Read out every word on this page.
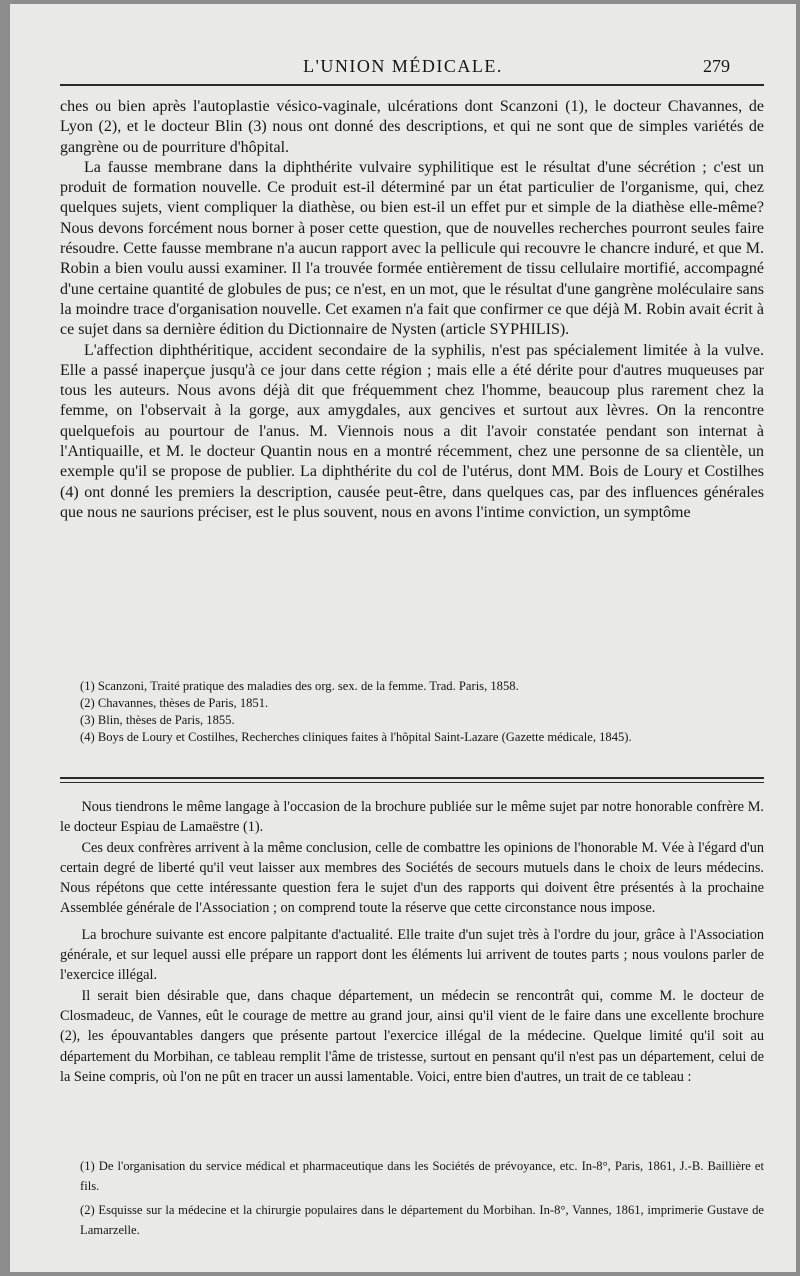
L'UNION MÉDICALE.	279

ches ou bien après l'autoplastie vésico-vaginale, ulcérations dont Scanzoni (1), le docteur Chavannes, de Lyon (2), et le docteur Blin (3) nous ont donné des descriptions, et qui ne sont que de simples variétés de gangrène ou de pourriture d'hôpital.

La fausse membrane dans la diphthérite vulvaire syphilitique est le résultat d'une sécrétion ; c'est un produit de formation nouvelle. Ce produit est-il déterminé par un état particulier de l'organisme, qui, chez quelques sujets, vient compliquer la diathèse, ou bien est-il un effet pur et simple de la diathèse elle-même? Nous devons forcément nous borner à poser cette question, que de nouvelles recherches pourront seules faire résoudre. Cette fausse membrane n'a aucun rapport avec la pellicule qui recouvre le chancre induré, et que M. Robin a bien voulu aussi examiner. Il l'a trouvée formée entièrement de tissu cellulaire mortifié, accompagné d'une certaine quantité de globules de pus; ce n'est, en un mot, que le résultat d'une gangrène moléculaire sans la moindre trace d'organisation nouvelle. Cet examen n'a fait que confirmer ce que déjà M. Robin avait écrit à ce sujet dans sa dernière édition du Dictionnaire de Nysten (article SYPHILIS).

L'affection diphthéritique, accident secondaire de la syphilis, n'est pas spécialement limitée à la vulve. Elle a passé inaperçue jusqu'à ce jour dans cette région ; mais elle a été dérite pour d'autres muqueuses par tous les auteurs. Nous avons déjà dit que fréquemment chez l'homme, beaucoup plus rarement chez la femme, on l'observait à la gorge, aux amygdales, aux gencives et surtout aux lèvres. On la rencontre quelquefois au pourtour de l'anus. M. Viennois nous a dit l'avoir constatée pendant son internat à l'Antiquaille, et M. le docteur Quantin nous en a montré récemment, chez une personne de sa clientèle, un exemple qu'il se propose de publier. La diphthérite du col de l'utérus, dont MM. Bois de Loury et Costilhes (4) ont donné les premiers la description, causée peut-être, dans quelques cas, par des influences générales que nous ne saurions préciser, est le plus souvent, nous en avons l'intime conviction, un symptôme

(1) Scanzoni, Traité pratique des maladies des org. sex. de la femme. Trad. Paris, 1858.

(2) Chavannes, thèses de Paris, 1851.

(3) Blin, thèses de Paris, 1855.

(4) Boys de Loury et Costilhes, Recherches cliniques faites à l'hôpital Saint-Lazare (Gazette médicale, 1845).

Nous tiendrons le même langage à l'occasion de la brochure publiée sur le même sujet par notre honorable confrère M. le docteur Espiau de Lamaëstre (1).

Ces deux confrères arrivent à la même conclusion, celle de combattre les opinions de l'honorable M. Vée à l'égard d'un certain degré de liberté qu'il veut laisser aux membres des Sociétés de secours mutuels dans le choix de leurs médecins. Nous répétons que cette intéressante question fera le sujet d'un des rapports qui doivent être présentés à la prochaine Assemblée générale de l'Association ; on comprend toute la réserve que cette circonstance nous impose.

La brochure suivante est encore palpitante d'actualité. Elle traite d'un sujet très à l'ordre du jour, grâce à l'Association générale, et sur lequel aussi elle prépare un rapport dont les éléments lui arrivent de toutes parts ; nous voulons parler de l'exercice illégal.

Il serait bien désirable que, dans chaque département, un médecin se rencontrât qui, comme M. le docteur de Closmadeuc, de Vannes, eût le courage de mettre au grand jour, ainsi qu'il vient de le faire dans une excellente brochure (2), les épouvantables dangers que présente partout l'exercice illégal de la médecine. Quelque limité qu'il soit au département du Morbihan, ce tableau remplit l'âme de tristesse, surtout en pensant qu'il n'est pas un département, celui de la Seine compris, où l'on ne pût en tracer un aussi lamentable. Voici, entre bien d'autres, un trait de ce tableau :

(1) De l'organisation du service médical et pharmaceutique dans les Sociétés de prévoyance, etc. In-8°, Paris, 1861, J.-B. Baillière et fils.

(2) Esquisse sur la médecine et la chirurgie populaires dans le département du Morbihan. In-8°, Vannes, 1861, imprimerie Gustave de Lamarzelle.
